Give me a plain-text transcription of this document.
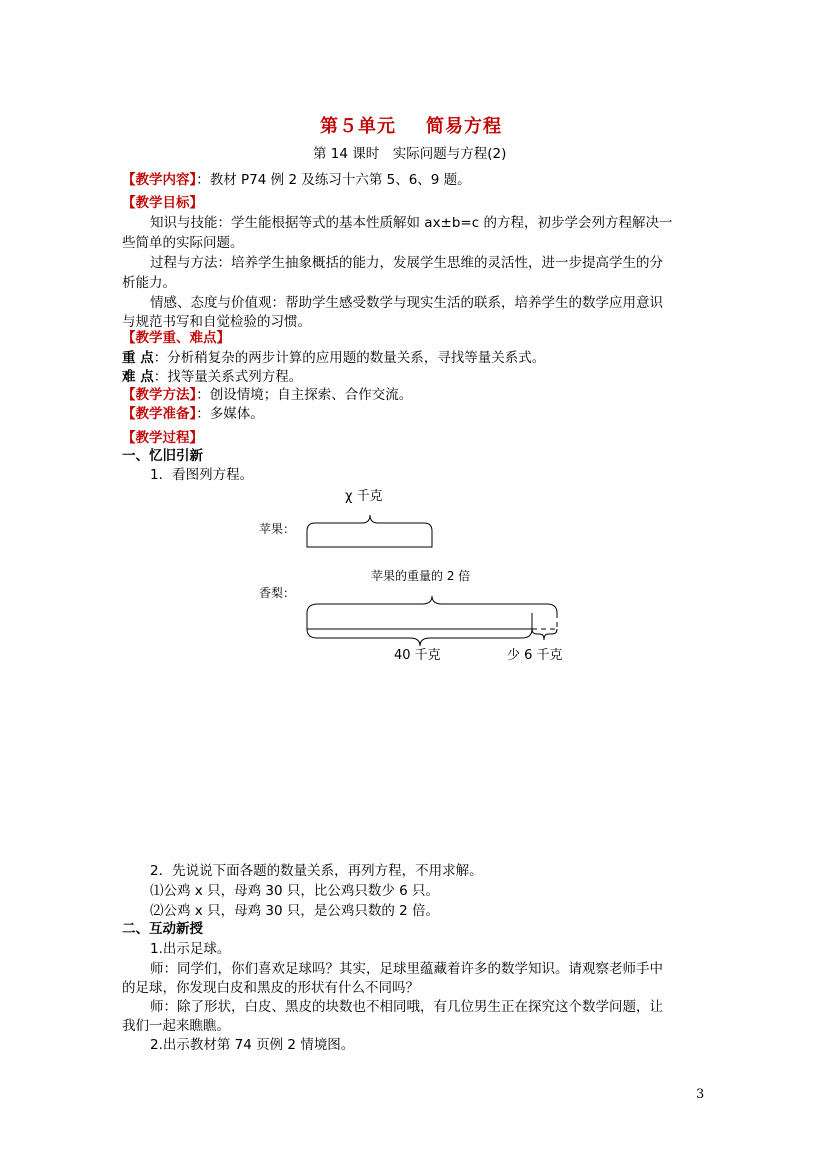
第５单元 简易方程
第 14 课时　实际问题与方程(2)
【教学内容】：教材 P74 例 2 及练习十六第 5、6、9 题。
【教学目标】
知识与技能：学生能根据等式的基本性质解如 ax±b=c 的方程，初步学会列方程解决一
些简单的实际问题。
过程与方法：培养学生抽象概括的能力，发展学生思维的灵活性，进一步提高学生的分
析能力。
情感、态度与价值观：帮助学生感受数学与现实生活的联系，培养学生的数学应用意识
与规范书写和自觉检验的习惯。
【教学重、难点】
重 点：分析稍复杂的两步计算的应用题的数量关系，寻找等量关系式。
难 点：找等量关系式列方程。
【教学方法】：创设情境；自主探索、合作交流。
【教学准备】：多媒体。
【教学过程】
一、忆旧引新
1．看图列方程。
χ 千克
苹果：
苹果的重量的 2 倍
香梨：
40 千克	少 6 千克
2．先说说下面各题的数量关系，再列方程，不用求解。
⑴公鸡 x 只，母鸡 30 只，比公鸡只数少 6 只。
⑵公鸡 x 只，母鸡 30 只，是公鸡只数的 2 倍。
二、互动新授
1.出示足球。
师：同学们，你们喜欢足球吗？其实，足球里蕴藏着许多的数学知识。请观察老师手中
的足球，你发现白皮和黑皮的形状有什么不同吗？
师：除了形状，白皮、黑皮的块数也不相同哦，有几位男生正在探究这个数学问题，让
我们一起来瞧瞧。
2.出示教材第 74 页例 2 情境图。
3
